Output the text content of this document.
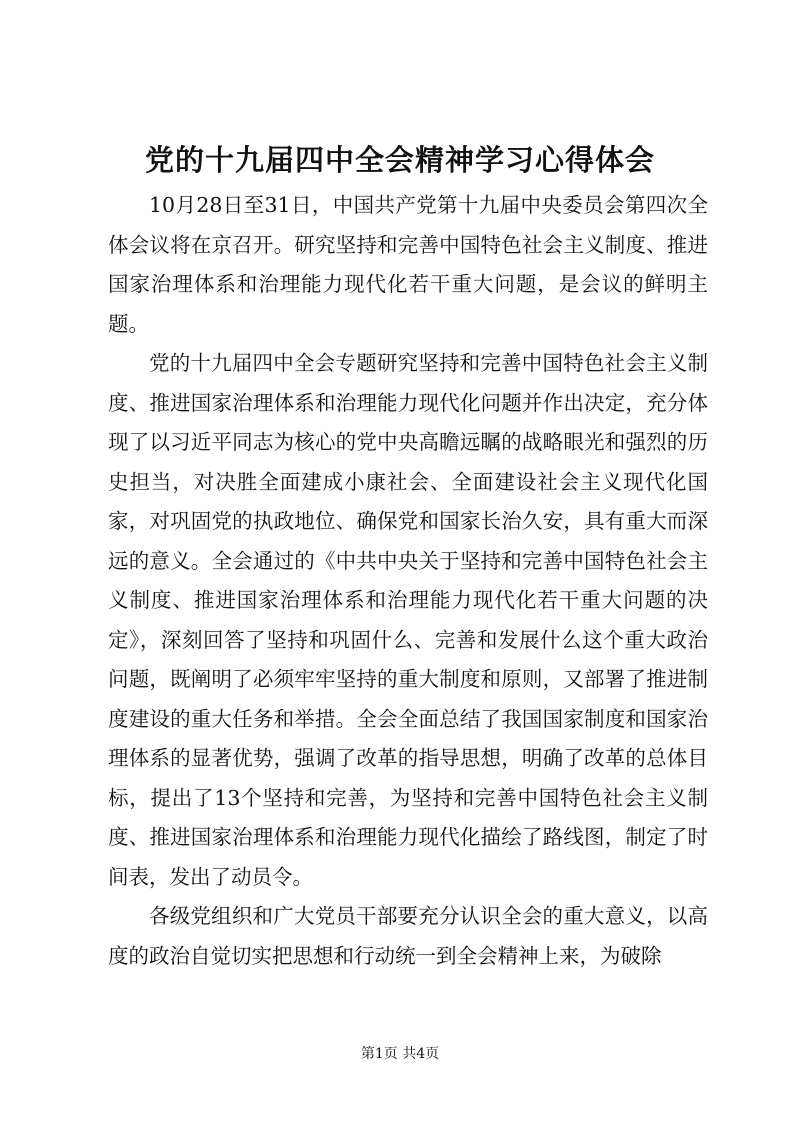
党的十九届四中全会精神学习心得体会

10月28日至31日，中国共产党第十九届中央委员会第四次全体会议将在京召开。研究坚持和完善中国特色社会主义制度、推进国家治理体系和治理能力现代化若干重大问题，是会议的鲜明主题。

党的十九届四中全会专题研究坚持和完善中国特色社会主义制度、推进国家治理体系和治理能力现代化问题并作出决定，充分体现了以习近平同志为核心的党中央高瞻远瞩的战略眼光和强烈的历史担当，对决胜全面建成小康社会、全面建设社会主义现代化国家，对巩固党的执政地位、确保党和国家长治久安，具有重大而深远的意义。全会通过的《中共中央关于坚持和完善中国特色社会主义制度、推进国家治理体系和治理能力现代化若干重大问题的决定》，深刻回答了坚持和巩固什么、完善和发展什么这个重大政治问题，既阐明了必须牢牢坚持的重大制度和原则，又部署了推进制度建设的重大任务和举措。全会全面总结了我国国家制度和国家治理体系的显著优势，强调了改革的指导思想，明确了改革的总体目标，提出了13个坚持和完善，为坚持和完善中国特色社会主义制度、推进国家治理体系和治理能力现代化描绘了路线图，制定了时间表，发出了动员令。

各级党组织和广大党员干部要充分认识全会的重大意义，以高度的政治自觉切实把思想和行动统一到全会精神上来，为破除

第1页 共4页
